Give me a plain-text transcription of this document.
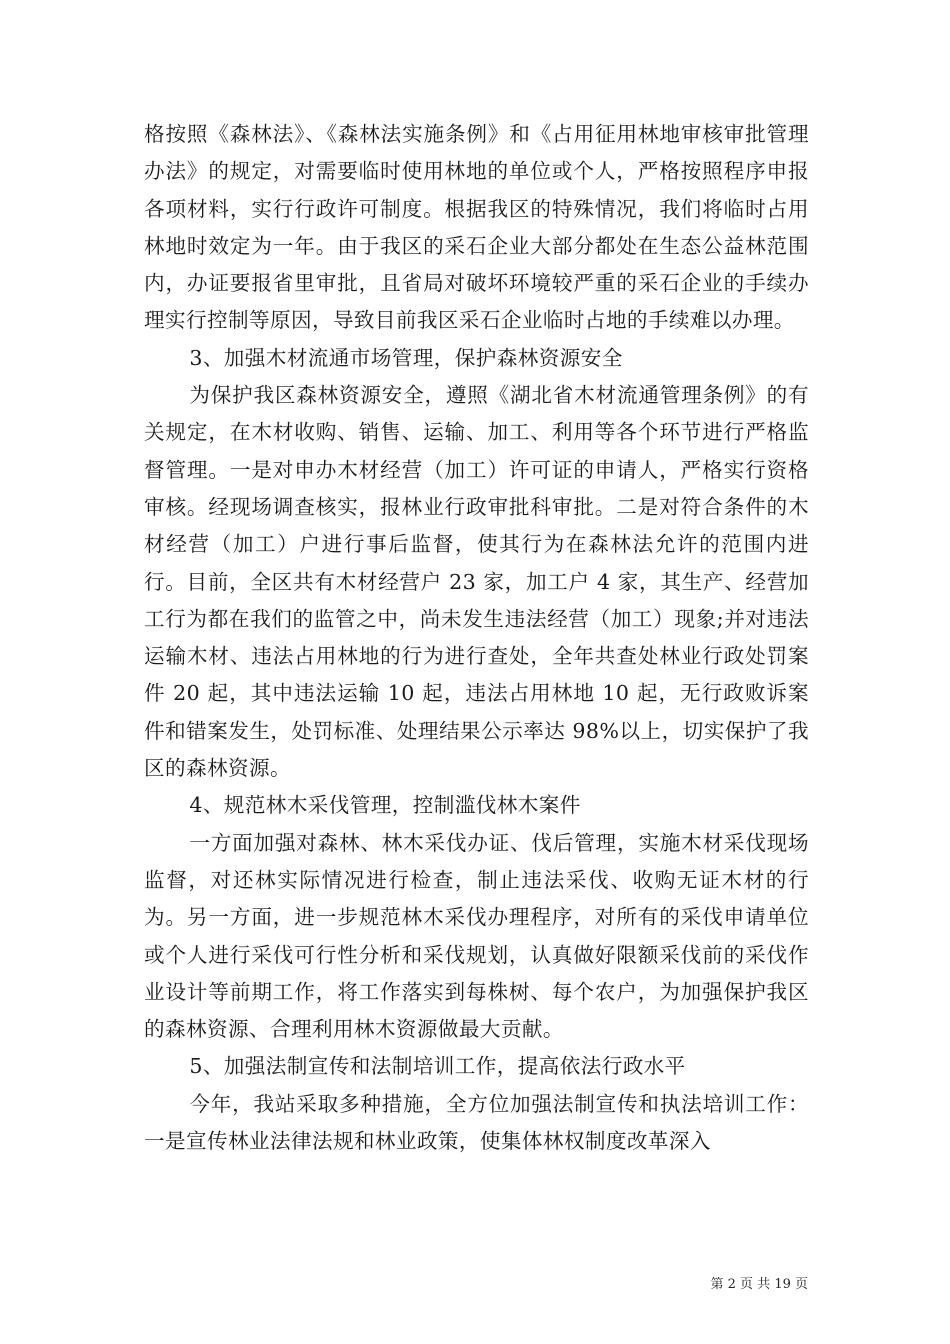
格按照《森林法》、《森林法实施条例》和《占用征用林地审核审批管理办法》的规定，对需要临时使用林地的单位或个人，严格按照程序申报各项材料，实行行政许可制度。根据我区的特殊情况，我们将临时占用林地时效定为一年。由于我区的采石企业大部分都处在生态公益林范围内，办证要报省里审批，且省局对破坏环境较严重的采石企业的手续办理实行控制等原因，导致目前我区采石企业临时占地的手续难以办理。

3、加强木材流通市场管理，保护森林资源安全

为保护我区森林资源安全，遵照《湖北省木材流通管理条例》的有关规定，在木材收购、销售、运输、加工、利用等各个环节进行严格监督管理。一是对申办木材经营（加工）许可证的申请人，严格实行资格审核。经现场调查核实，报林业行政审批科审批。二是对符合条件的木材经营（加工）户进行事后监督，使其行为在森林法允许的范围内进行。目前，全区共有木材经营户 23 家，加工户 4 家，其生产、经营加工行为都在我们的监管之中，尚未发生违法经营（加工）现象;并对违法运输木材、违法占用林地的行为进行查处，全年共查处林业行政处罚案件 20 起，其中违法运输 10 起，违法占用林地 10 起，无行政败诉案件和错案发生，处罚标准、处理结果公示率达 98%以上，切实保护了我区的森林资源。

4、规范林木采伐管理，控制滥伐林木案件

一方面加强对森林、林木采伐办证、伐后管理，实施木材采伐现场监督，对还林实际情况进行检查，制止违法采伐、收购无证木材的行为。另一方面，进一步规范林木采伐办理程序，对所有的采伐申请单位或个人进行采伐可行性分析和采伐规划，认真做好限额采伐前的采伐作业设计等前期工作，将工作落实到每株树、每个农户，为加强保护我区的森林资源、合理利用林木资源做最大贡献。

5、加强法制宣传和法制培训工作，提高依法行政水平

今年，我站采取多种措施，全方位加强法制宣传和执法培训工作：一是宣传林业法律法规和林业政策，使集体林权制度改革深入

第 2 页 共 19 页
